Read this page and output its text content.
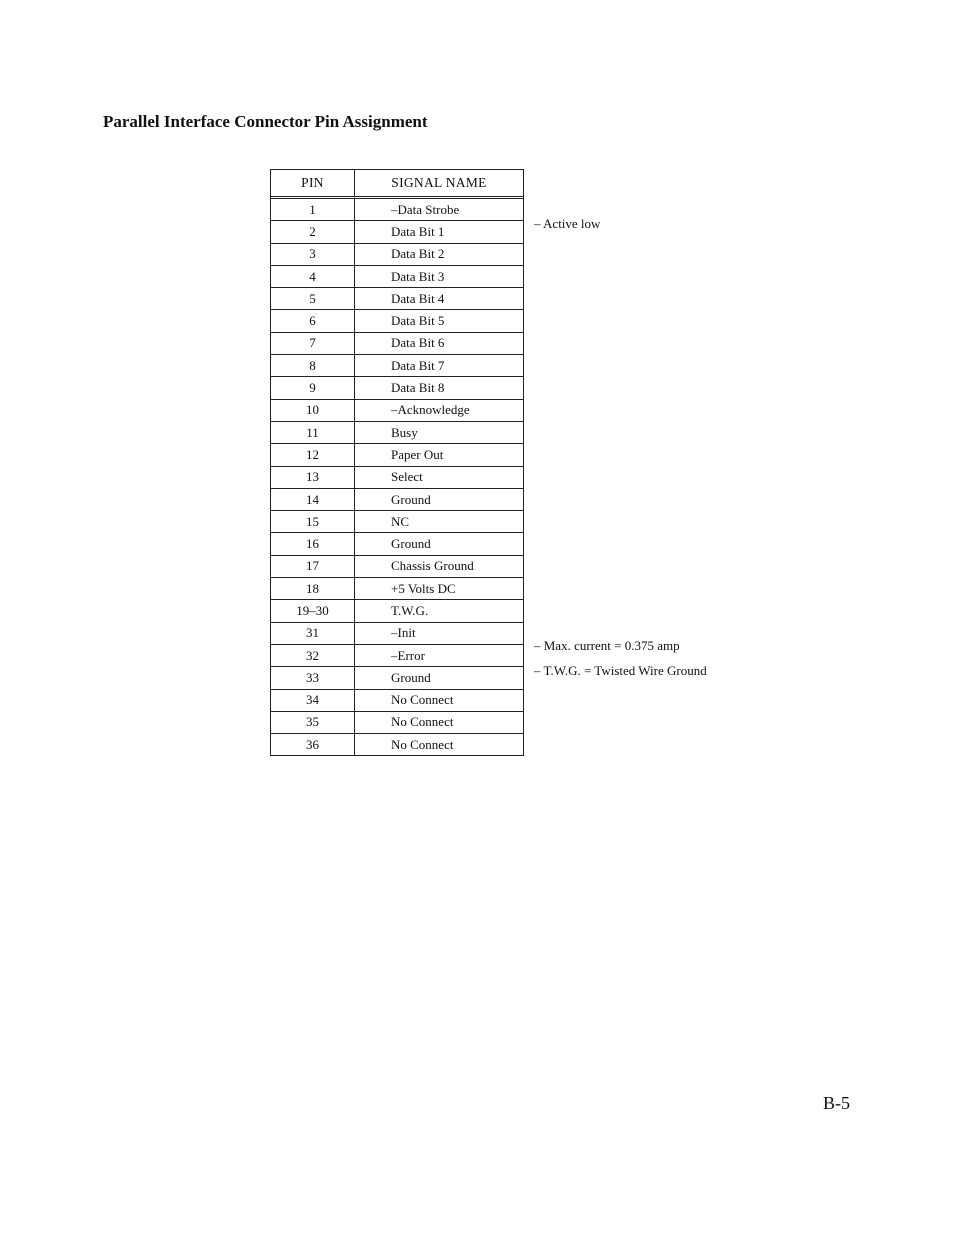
Parallel Interface Connector Pin Assignment
PIN	SIGNAL NAME
1	–Data Strobe
2	Data Bit 1
3	Data Bit 2
4	Data Bit 3
5	Data Bit 4
6	Data Bit 5
7	Data Bit 6
8	Data Bit 7
9	Data Bit 8
10	–Acknowledge
11	Busy
12	Paper Out
13	Select
14	Ground
15	NC
16	Ground
17	Chassis Ground
18	+5 Volts DC
19–30	T.W.G.
31	–Init
32	–Error
33	Ground
34	No Connect
35	No Connect
36	No Connect
– Active low
– Max. current = 0.375 amp
– T.W.G. = Twisted Wire Ground
B-5
